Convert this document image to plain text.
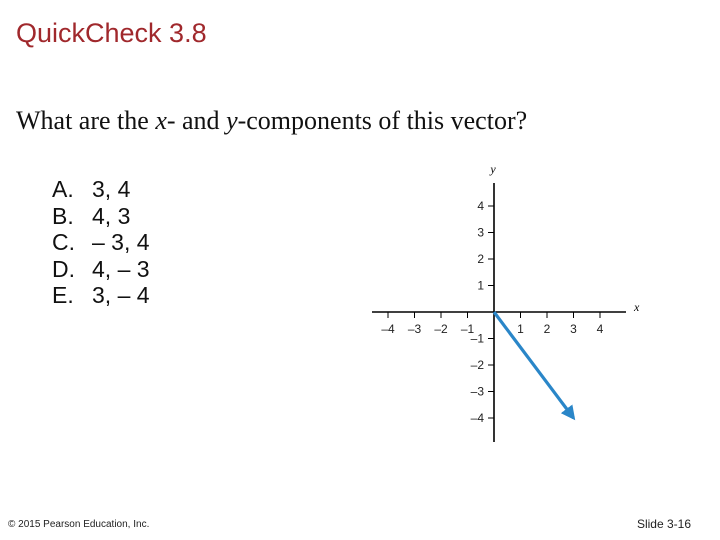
QuickCheck 3.8
What are the x- and y-components of this vector?
A. 3, 4
B. 4, 3
C. – 3, 4
D. 4, – 3
E. 3, – 4	x
y
–4 –3 –2 –1	1 2 3 4
4
3
2
1
–1
–2
–3
–4
© 2015 Pearson Education, Inc.	Slide 3-16
